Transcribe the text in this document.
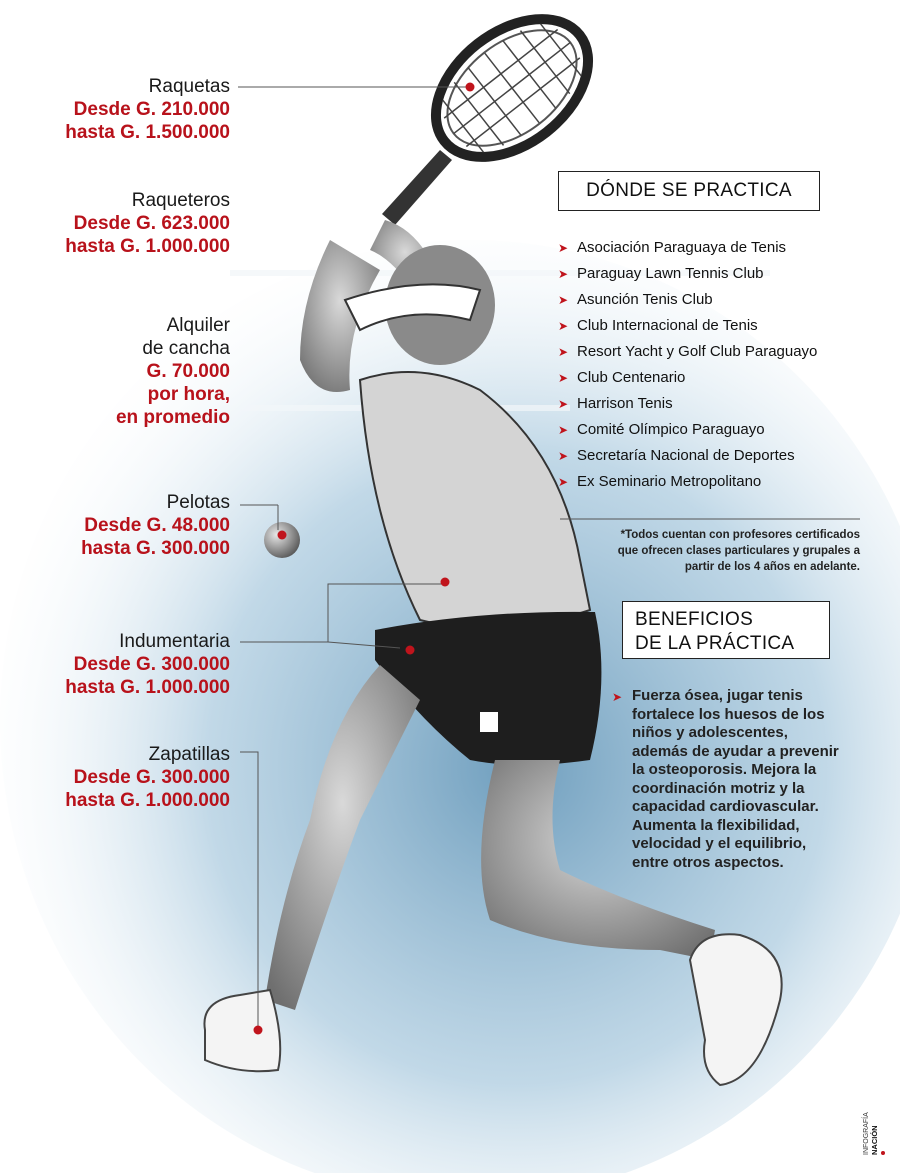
Raquetas
Desde G. 210.000
hasta G. 1.500.000
Raqueteros
Desde G. 623.000
hasta G. 1.000.000
Alquiler
de cancha
G. 70.000
por hora,
en promedio
Pelotas
Desde G. 48.000
hasta G. 300.000
Indumentaria
Desde G. 300.000
hasta G. 1.000.000
Zapatillas
Desde G. 300.000
hasta G. 1.000.000
DÓNDE SE PRACTICA
➤ Asociación Paraguaya de Tenis
➤ Paraguay Lawn Tennis Club
➤ Asunción Tenis Club
➤ Club Internacional de Tenis
➤ Resort Yacht y Golf Club Paraguayo
➤ Club Centenario
➤ Harrison Tenis
➤ Comité Olímpico Paraguayo
➤ Secretaría Nacional de Deportes
➤ Ex Seminario Metropolitano
*Todos cuentan con profesores certificados
que ofrecen clases particulares y grupales a
partir de los 4 años en adelante.
BENEFICIOS
DE LA PRÁCTICA
➤ Fuerza ósea, jugar tenis
fortalece los huesos de los
niños y adolescentes,
además de ayudar a prevenir
la osteoporosis. Mejora la
coordinación motriz y la
capacidad cardiovascular.
Aumenta la flexibilidad,
velocidad y el equilibrio,
entre otros aspectos.
INFOGRAFÍA NACIÓN
